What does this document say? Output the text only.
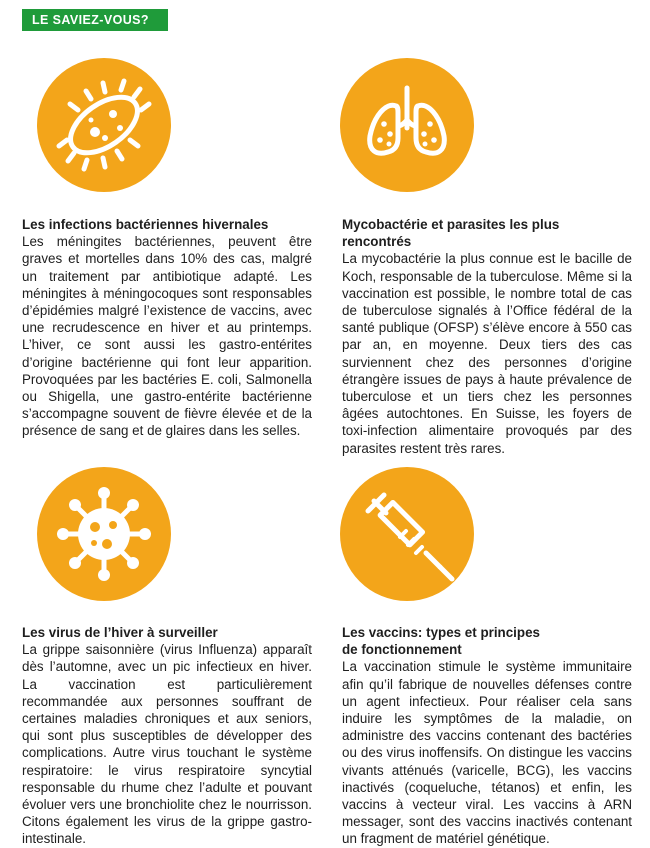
LE SAVIEZ-VOUS?
Les infections bactériennes hivernales

Les méningites bactériennes, peuvent être graves et mortelles dans 10% des cas, malgré un traitement par antibiotique adapté. Les méningites à méningocoques sont responsables d’épidémies malgré l’existence de vaccins, avec une recrudescence en hiver et au printemps. L’hiver, ce sont aussi les gastro-entérites d’origine bactérienne qui font leur apparition. Provoquées par les bactéries E. coli, Salmonella ou Shigella, une gastro-entérite bactérienne s’accompagne souvent de fièvre élevée et de la présence de sang et de glaires dans les selles.

Mycobactérie et parasites les plus rencontrés

La mycobactérie la plus connue est le bacille de Koch, responsable de la tuberculose. Même si la vaccination est possible, le nombre total de cas de tuberculose signalés à l’Office fédéral de la santé publique (OFSP) s’élève encore à 550 cas par an, en moyenne. Deux tiers des cas surviennent chez des personnes d’origine étrangère issues de pays à haute prévalence de tuberculose et un tiers chez les personnes âgées autochtones. En Suisse, les foyers de toxi-infection alimentaire provoqués par des parasites restent très rares.

Les virus de l’hiver à surveiller

La grippe saisonnière (virus Influenza) apparaît dès l’automne, avec un pic infectieux en hiver. La vaccination est particulièrement recommandée aux personnes souffrant de certaines maladies chroniques et aux seniors, qui sont plus susceptibles de développer des complications. Autre virus touchant le système respiratoire: le virus respiratoire syncytial responsable du rhume chez l’adulte et pouvant évoluer vers une bronchiolite chez le nourrisson. Citons également les virus de la grippe gastro-intestinale.

Les vaccins: types et principes de fonctionnement

La vaccination stimule le système immunitaire afin qu’il fabrique de nouvelles défenses contre un agent infectieux. Pour réaliser cela sans induire les symptômes de la maladie, on administre des vaccins contenant des bactéries ou des virus inoffensifs. On distingue les vaccins vivants atténués (varicelle, BCG), les vaccins inactivés (coqueluche, tétanos) et enfin, les vaccins à vecteur viral. Les vaccins à ARN messager, sont des vaccins inactivés contenant un fragment de matériel génétique.
